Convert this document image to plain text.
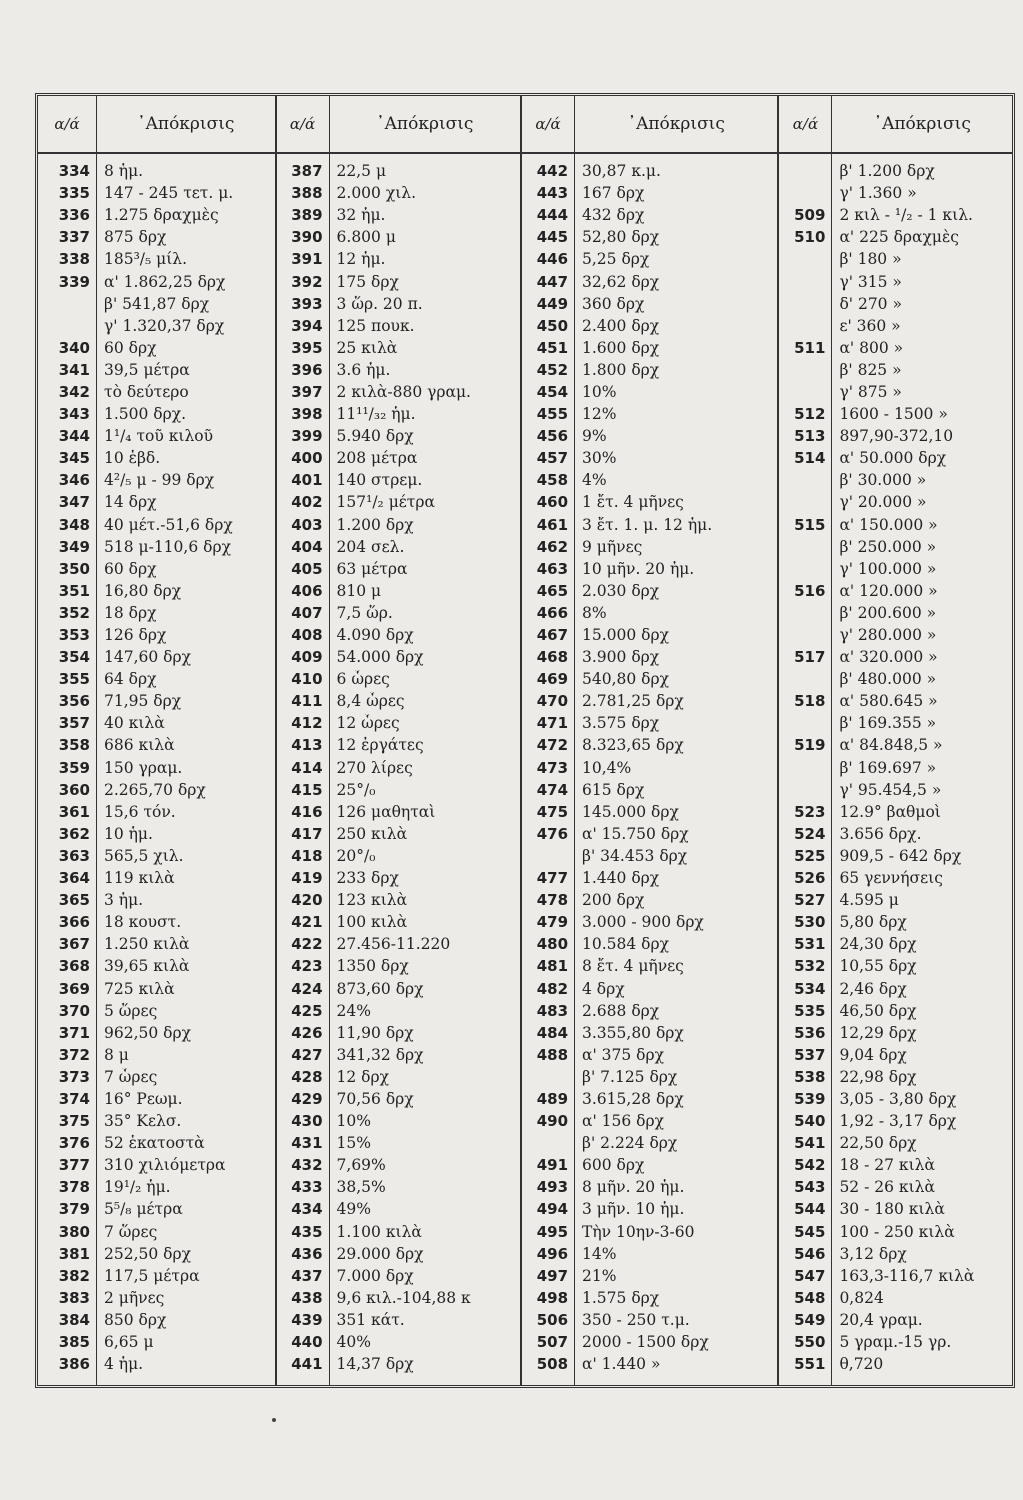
α/ά	᾿Απόκρισις
334 8 ἡμ.
335 147 - 245 τετ. μ.
336 1.275 δραχμὲς
337 875 δρχ
338 185³/₅ μίλ.
339 α' 1.862,25 δρχ
β' 541,87 δρχ
γ' 1.320,37 δρχ
340 60 δρχ
341 39,5 μέτρα
342 τὸ δεύτερο
343 1.500 δρχ.
344 1¹/₄ τοῦ κιλοῦ
345 10 ἑβδ.
346 4²/₅ μ - 99 δρχ
347 14 δρχ
348 40 μέτ.-51,6 δρχ
349 518 μ-110,6 δρχ
350 60 δρχ
351 16,80 δρχ
352 18 δρχ
353 126 δρχ
354 147,60 δρχ
355 64 δρχ
356 71,95 δρχ
357 40 κιλὰ
358 686 κιλὰ
359 150 γραμ.
360 2.265,70 δρχ
361 15,6 τόν.
362 10 ἡμ.
363 565,5 χιλ.
364 119 κιλὰ
365 3 ἡμ.
366 18 κουστ.
367 1.250 κιλὰ
368 39,65 κιλὰ
369 725 κιλὰ
370 5 ὥρες
371 962,50 δρχ
372 8 μ
373 7 ὧρες
374 16° Ρεωμ.
375 35° Κελσ.
376 52 ἑκατοστὰ
377 310 χιλιόμετρα
378 19¹/₂ ἡμ.
379 5⁵/₈ μέτρα
380 7 ὥρες
381 252,50 δρχ
382 117,5 μέτρα
383 2 μῆνες
384 850 δρχ
385 6,65 μ
386 4 ἡμ.
α/ά	᾿Απόκρισις
387 22,5 μ
388 2.000 χιλ.
389 32 ἡμ.
390 6.800 μ
391 12 ἡμ.
392 175 δρχ
393 3 ὥρ. 20 π.
394 125 πουκ.
395 25 κιλὰ
396 3.6 ἡμ.
397 2 κιλὰ-880 γραμ.
398 11¹¹/₃₂ ἡμ.
399 5.940 δρχ
400 208 μέτρα
401 140 στρεμ.
402 157¹/₂ μέτρα
403 1.200 δρχ
404 204 σελ.
405 63 μέτρα
406 810 μ
407 7,5 ὥρ.
408 4.090 δρχ
409 54.000 δρχ
410 6 ὧρες
411 8,4 ὧρες
412 12 ὧρες
413 12 ἐργάτες
414 270 λίρες
415 25°/₀
416 126 μαθηταὶ
417 250 κιλὰ
418 20°/₀
419 233 δρχ
420 123 κιλὰ
421 100 κιλὰ
422 27.456-11.220
423 1350 δρχ
424 873,60 δρχ
425 24%
426 11,90 δρχ
427 341,32 δρχ
428 12 δρχ
429 70,56 δρχ
430 10%
431 15%
432 7,69%
433 38,5%
434 49%
435 1.100 κιλὰ
436 29.000 δρχ
437 7.000 δρχ
438 9,6 κιλ.-104,88 κ
439 351 κάτ.
440 40%
441 14,37 δρχ
α/ά	᾿Απόκρισις
442 30,87 κ.μ.
443 167 δρχ
444 432 δρχ
445 52,80 δρχ
446 5,25 δρχ
447 32,62 δρχ
449 360 δρχ
450 2.400 δρχ
451 1.600 δρχ
452 1.800 δρχ
454 10%
455 12%
456 9%
457 30%
458 4%
460 1 ἔτ. 4 μῆνες
461 3 ἔτ. 1. μ. 12 ἡμ.
462 9 μῆνες
463 10 μῆν. 20 ἡμ.
465 2.030 δρχ
466 8%
467 15.000 δρχ
468 3.900 δρχ
469 540,80 δρχ
470 2.781,25 δρχ
471 3.575 δρχ
472 8.323,65 δρχ
473 10,4%
474 615 δρχ
475 145.000 δρχ
476 α' 15.750 δρχ
β' 34.453 δρχ
477 1.440 δρχ
478 200 δρχ
479 3.000 - 900 δρχ
480 10.584 δρχ
481 8 ἔτ. 4 μῆνες
482 4 δρχ
483 2.688 δρχ
484 3.355,80 δρχ
488 α' 375 δρχ
β' 7.125 δρχ
489 3.615,28 δρχ
490 α' 156 δρχ
β' 2.224 δρχ
491 600 δρχ
493 8 μῆν. 20 ἡμ.
494 3 μῆν. 10 ἡμ.
495 Τὴν 10ην-3-60
496 14%
497 21%
498 1.575 δρχ
506 350 - 250 τ.μ.
507 2000 - 1500 δρχ
508 α' 1.440 »
α/ά	᾿Απόκρισις
β' 1.200 δρχ
γ' 1.360 »
509 2 κιλ - ¹/₂ - 1 κιλ.
510 α' 225 δραχμὲς
β' 180 »
γ' 315 »
δ' 270 »
ε' 360 »
511 α' 800 »
β' 825 »
γ' 875 »
512 1600 - 1500 »
513 897,90-372,10
514 α' 50.000 δρχ
β' 30.000 »
γ' 20.000 »
515 α' 150.000 »
β' 250.000 »
γ' 100.000 »
516 α' 120.000 »
β' 200.600 »
γ' 280.000 »
517 α' 320.000 »
β' 480.000 »
518 α' 580.645 »
β' 169.355 »
519 α' 84.848,5 »
β' 169.697 »
γ' 95.454,5 »
523 12.9° βαθμοὶ
524 3.656 δρχ.
525 909,5 - 642 δρχ
526 65 γεννήσεις
527 4.595 μ
530 5,80 δρχ
531 24,30 δρχ
532 10,55 δρχ
534 2,46 δρχ
535 46,50 δρχ
536 12,29 δρχ
537 9,04 δρχ
538 22,98 δρχ
539 3,05 - 3,80 δρχ
540 1,92 - 3,17 δρχ
541 22,50 δρχ
542 18 - 27 κιλὰ
543 52 - 26 κιλὰ
544 30 - 180 κιλὰ
545 100 - 250 κιλὰ
546 3,12 δρχ
547 163,3-116,7 κιλὰ
548 0,824
549 20,4 γραμ.
550 5 γραμ.-15 γρ.
551 θ,720
